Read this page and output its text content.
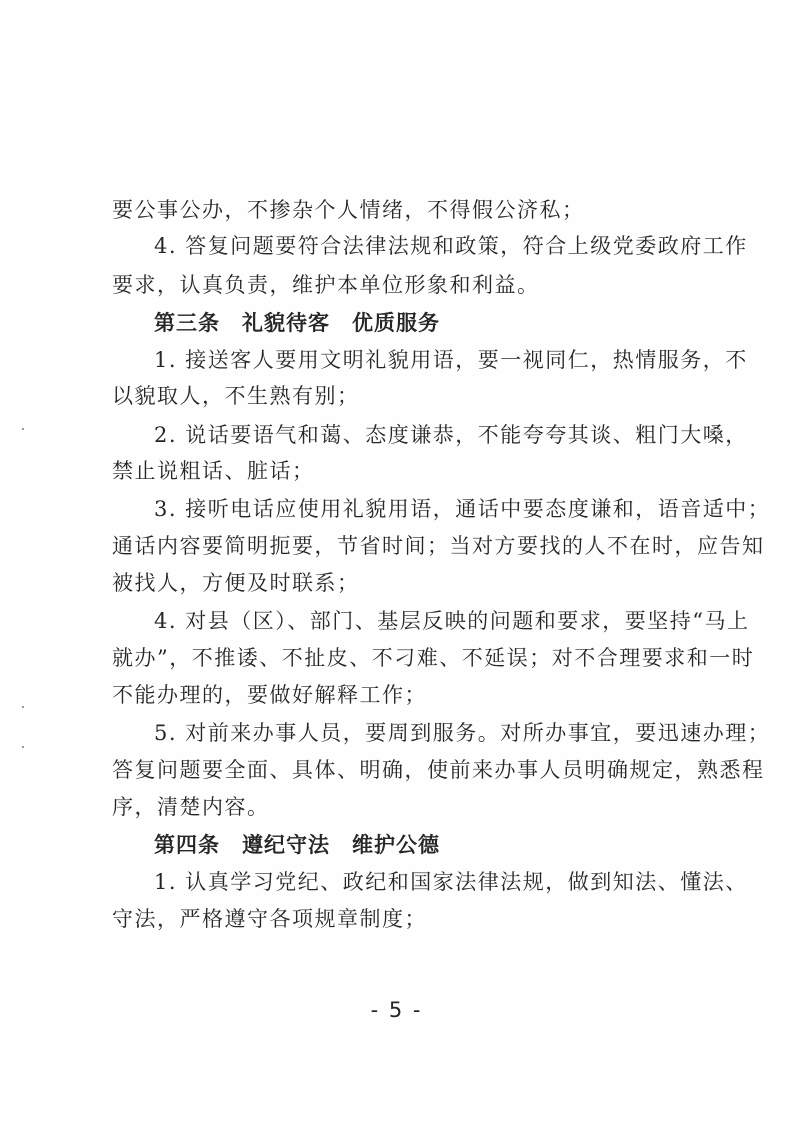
要公事公办，不掺杂个人情绪，不得假公济私；
4. 答复问题要符合法律法规和政策，符合上级党委政府工作
要求，认真负责，维护本单位形象和利益。
第三条 礼貌待客　优质服务
1. 接送客人要用文明礼貌用语，要一视同仁，热情服务，不
以貌取人，不生熟有别；
2. 说话要语气和蔼、态度谦恭，不能夸夸其谈、粗门大嗓，
禁止说粗话、脏话；
3. 接听电话应使用礼貌用语，通话中要态度谦和，语音适中；
通话内容要简明扼要，节省时间；当对方要找的人不在时，应告知
被找人，方便及时联系；
4. 对县（区）、部门、基层反映的问题和要求，要坚持“马上
就办”，不推诿、不扯皮、不刁难、不延误；对不合理要求和一时
不能办理的，要做好解释工作；
5. 对前来办事人员，要周到服务。对所办事宜，要迅速办理；
答复问题要全面、具体、明确，使前来办事人员明确规定，熟悉程
序，清楚内容。
第四条 遵纪守法　维护公德
1. 认真学习党纪、政纪和国家法律法规，做到知法、懂法、
守法，严格遵守各项规章制度；
- 5 -
